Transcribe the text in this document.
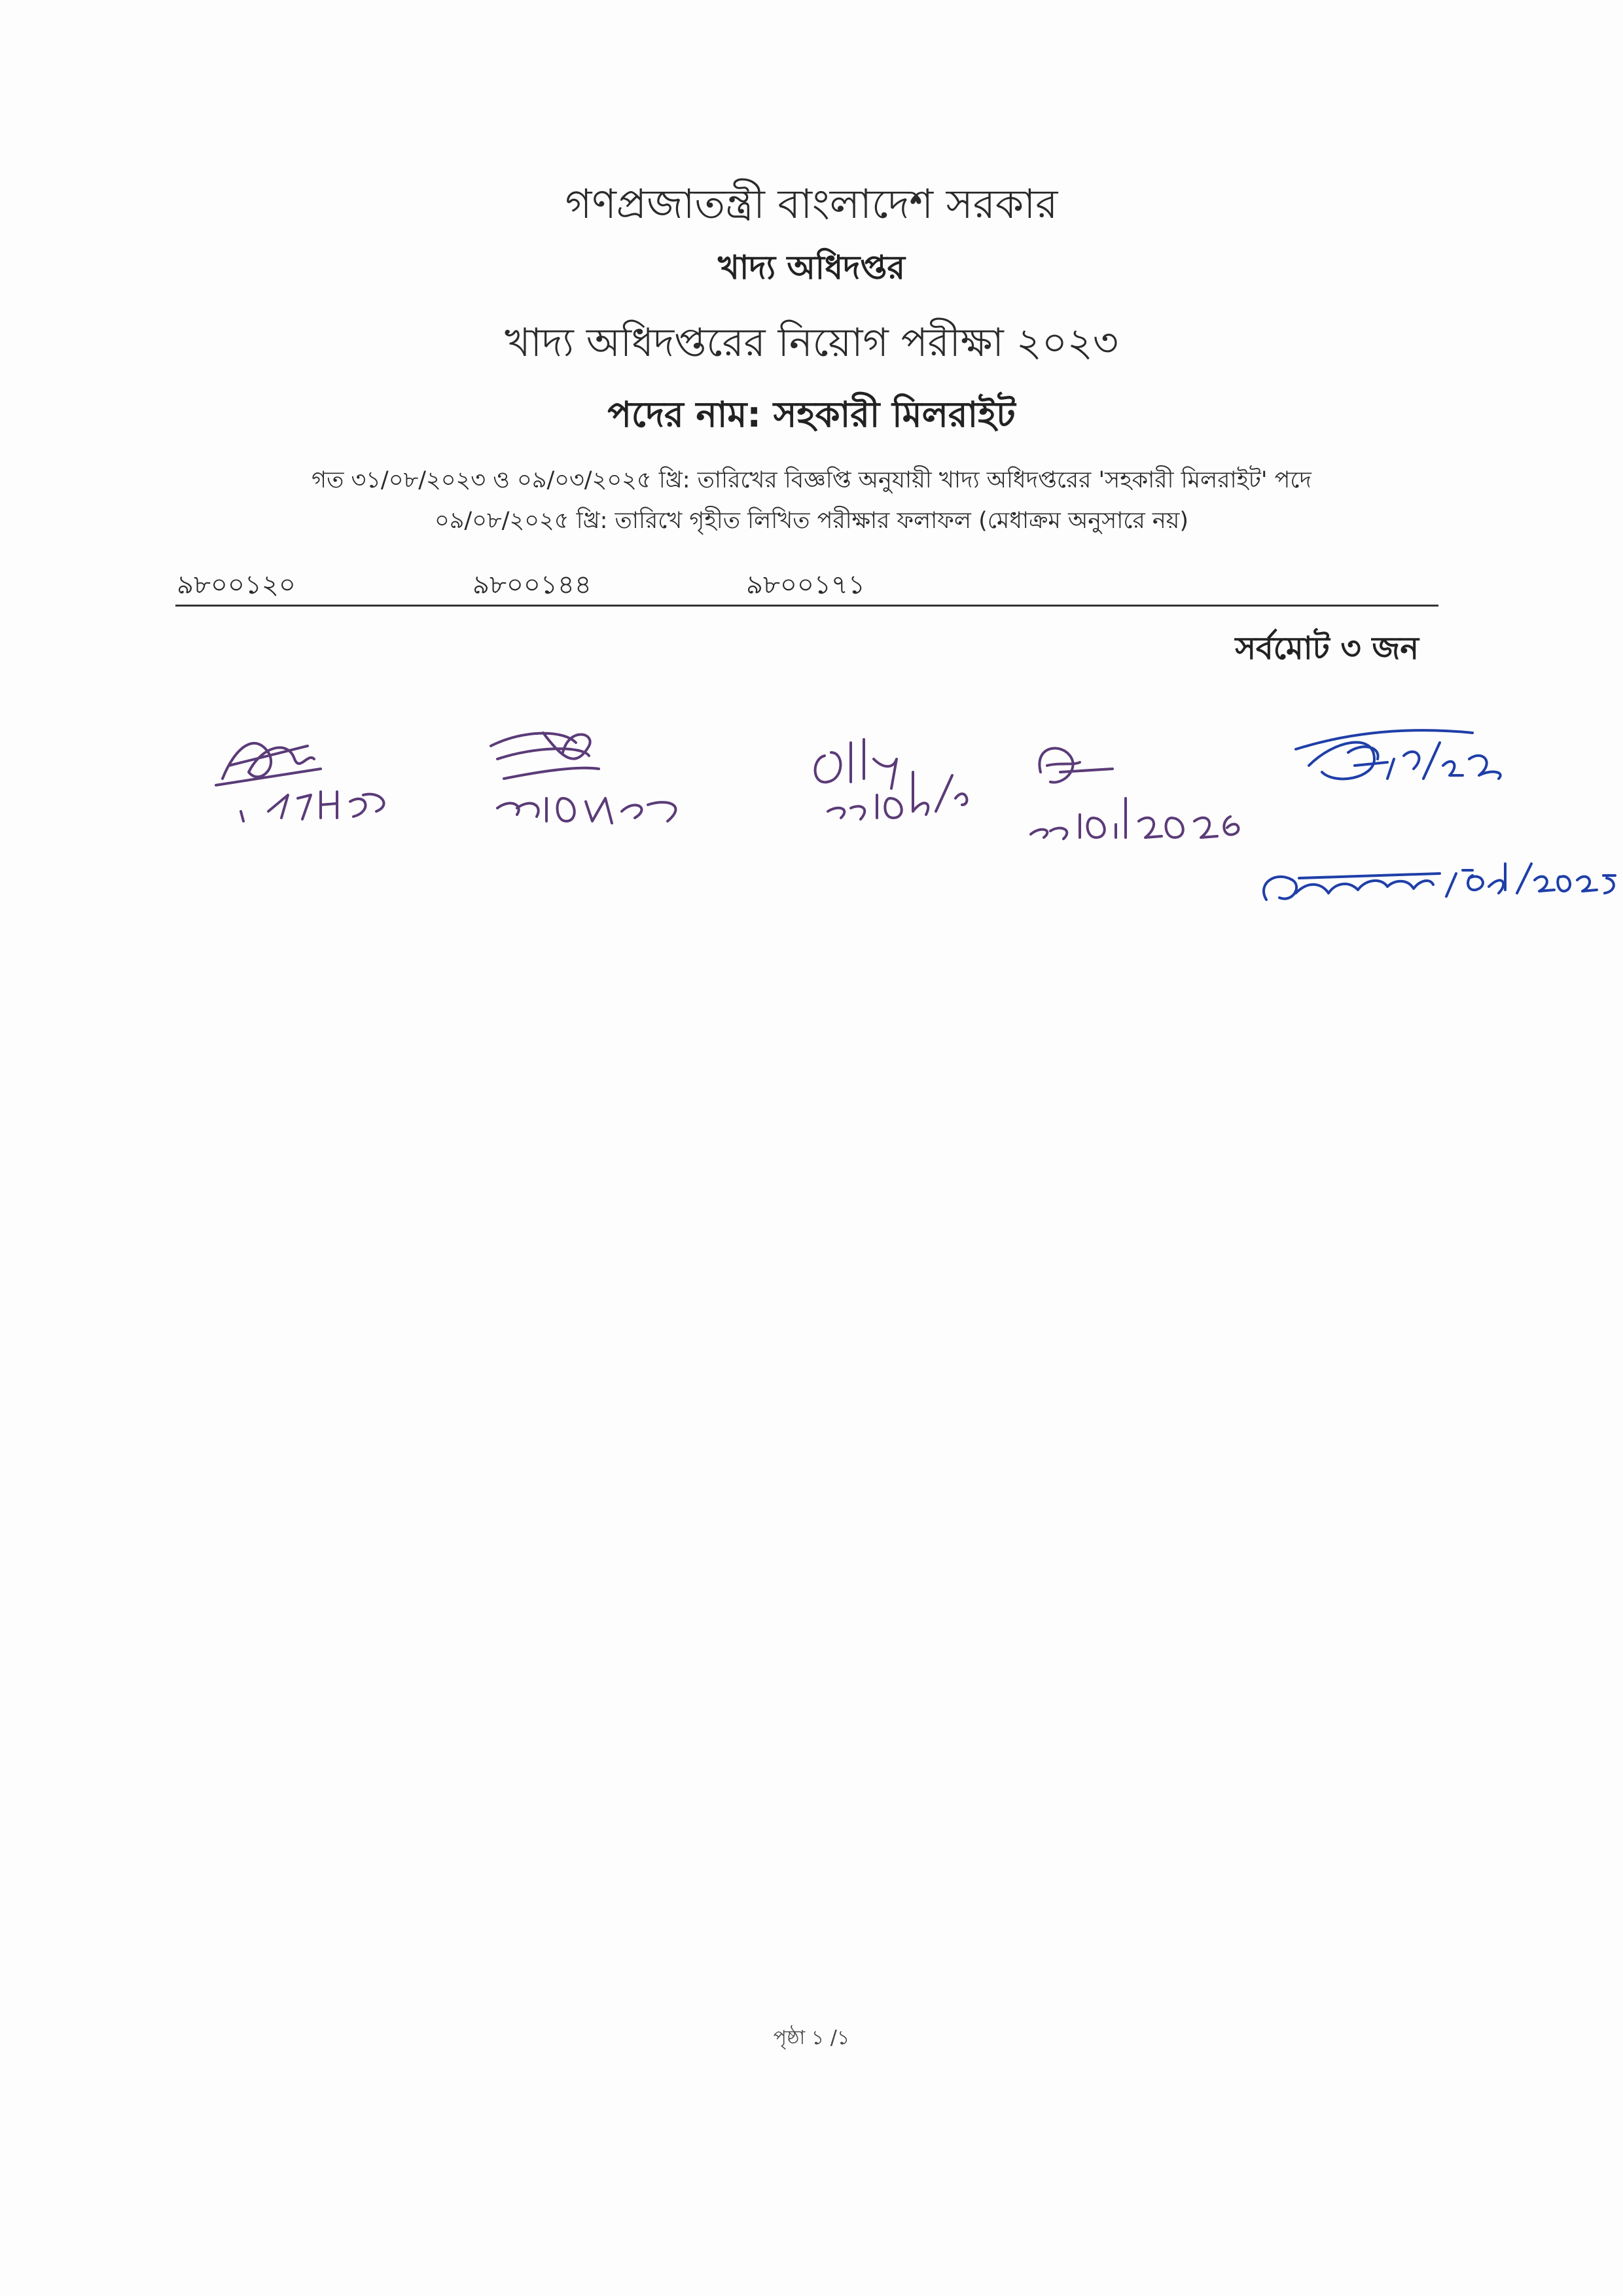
গণপ্রজাতন্ত্রী বাংলাদেশ সরকার
খাদ্য অধিদপ্তর
খাদ্য অধিদপ্তরের নিয়োগ পরীক্ষা ২০২৩
পদের নাম: সহকারী মিলরাইট
গত ৩১/০৮/২০২৩ ও ০৯/০৩/২০২৫ খ্রি: তারিখের বিজ্ঞপ্তি অনুযায়ী খাদ্য অধিদপ্তরের 'সহকারী মিলরাইট' পদে
০৯/০৮/২০২৫ খ্রি: তারিখে গৃহীত লিখিত পরীক্ষার ফলাফল (মেধাক্রম অনুসারে নয়)
৯৮০০১২০	৯৮০০১৪৪	৯৮০০১৭১
সর্বমোট ৩ জন
পৃষ্ঠা ১ /১
